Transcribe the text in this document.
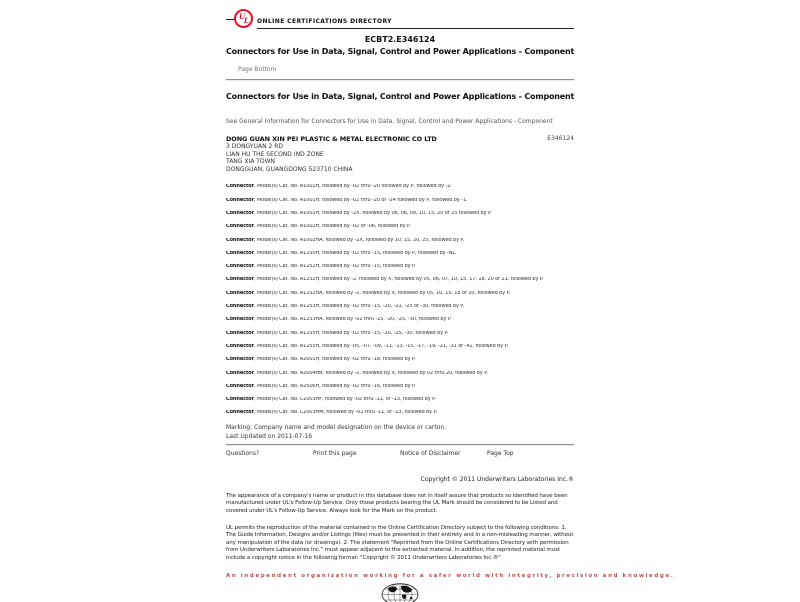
U
L ONLINE CERTIFICATIONS DIRECTORY
ECBT2.E346124
Connectors for Use in Data, Signal, Control and Power Applications - Component
Page Bottom
Connectors for Use in Data, Signal, Control and Power Applications - Component
See General Information for Connectors for Use in Data, Signal, Control and Power Applications - Component
DONG GUAN XIN PEI PLASTIC & METAL ELECTRONIC CO LTD	E346124

3 DONGYUAN 2 RD

LIAN HU THE SECOND IND ZONE

TANG XIA TOWN

DONGGUAN, GUANGDONG 523710 CHINA

Connector, Model(s) Cat. No. A1001H, followed by -02 thru -20 followed by P, followed by -2.

Connector, Model(s) Cat. No. A1001H, followed by -02 thru -20 or -24 followed by P, followed by -1.

Connector, Model(s) Cat. No. A1001H, followed by -2X, followed by 06, 08, 09, 10, 15, 20 or 25 followed by P.

Connector, Model(s) Cat. No. A1002H, followed by -02 or -06, followed by P.

Connector, Model(s) Cat. No. A1002HA, followed by -2X, followed by 10, 15, 20, 25, followed by P.

Connector, Model(s) Cat. No. A1250H, followed by -02 thru -15, followed by P, followed by -NL.

Connector, Model(s) Cat. No. A1252H, followed by -02 thru -15, followed by P.

Connector, Model(s) Cat. No. A1252H, followed by -2, followed by X, followed by 05, 06, 07, 10, 15, 17, 18, 20 or 21, followed by P.

Connector, Model(s) Cat. No. A1252HA, followed by -2, followed by X, followed by 05, 10, 15, 18 or 20, followed by P.

Connector, Model(s) Cat. No. A1253H, followed by -02 thru -15, -20, -21, -25 or -30, followed by P.

Connector, Model(s) Cat. No. A1253HA, followed by -02 thru -15, -20, -25, -30, followed by P.

Connector, Model(s) Cat. No. A1255H, followed by -02 thru -15, -20, -25, -30, followed by P.

Connector, Model(s) Cat. No. A1255H, followed by -05, -07, -09, -11, -13, -15, -17, -19, -21, -31 or -41, followed by P.

Connector, Model(s) Cat. No. A2001H, followed by -02 thru -18, followed by P.

Connector, Model(s) Cat. No. A2004HB, followed by -2, followed by X, followed by 02 thru 20, followed by P.

Connector, Model(s) Cat. No. A2506H, followed by -02 thru -16, followed by P.

Connector, Model(s) Cat. No. C2003HF, followed by -02 thru -11, or -13, followed by P.

Connector, Model(s) Cat. No. C2003HM, followed by -02 thru -11, or -13, followed by P.

Marking: Company name and model designation on the device or carton.
Last Updated on 2011-07-16
Questions?	Print this page	Notice of Disclaimer	Page Top
Copyright © 2011 Underwriters Laboratories Inc.®

The appearance of a company's name or product in this database does not in itself assure that products so identified have been manufactured under UL's Follow-Up Service. Only those products bearing the UL Mark should be considered to be Listed and covered under UL's Follow-Up Service. Always look for the Mark on the product.

UL permits the reproduction of the material contained in the Online Certification Directory subject to the following conditions: 1. The Guide Information, Designs and/or Listings (files) must be presented in their entirety and in a non-misleading manner, without any manipulation of the data (or drawings). 2. The statement "Reprinted from the Online Certifications Directory with permission from Underwriters Laboratories Inc." must appear adjacent to the extracted material. In addition, the reprinted material must include a copyright notice in the following format: "Copyright © 2011 Underwriters Laboratories Inc.®"

An independent organization working for a safer world with integrity, precision and knowledge.
